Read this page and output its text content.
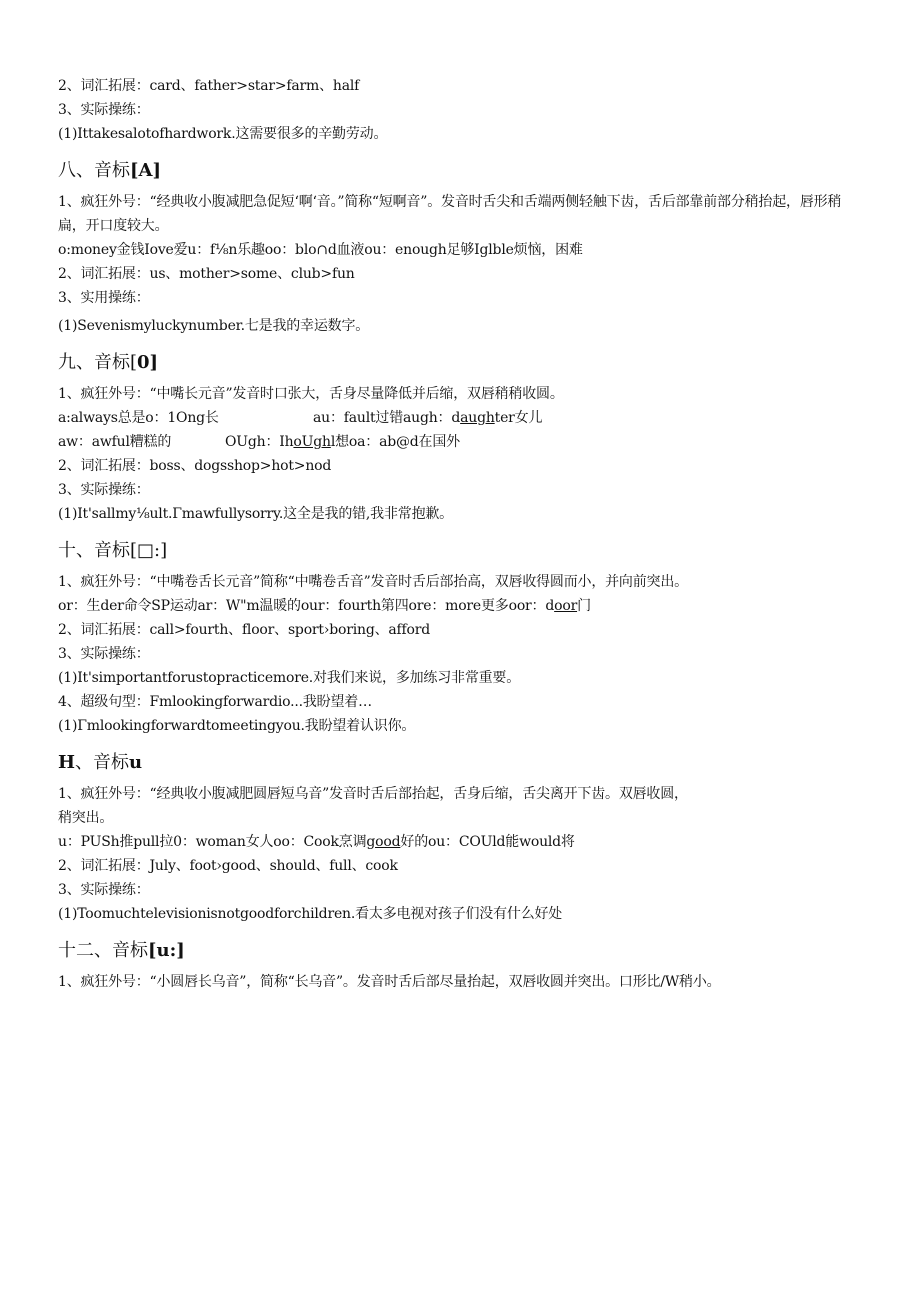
2、词汇拓展：card、father>star>farm、half
3、实际操练：
(1)Ittakesalotofhardwork.这需要很多的辛勤劳动。
八、音标[A]
1、疯狂外号：“经典收小腹减肥急促短‘啊‘音。”简称“短啊音”。发音时舌尖和舌端两侧轻触下齿，舌后部靠前部分稍抬起，唇形稍扁，开口度较大。
o:money金钱Iove爱u：f⅛n乐趣oo：blo∩d血液ou：enough足够Iglble烦恼，困难
2、词汇拓展：us、mother>some、club>fun
3、实用操练：
(1)Sevenismyluckynumber.七是我的幸运数字。
九、音标[0]
1、疯狂外号：“中嘴长元音”发音时口张大，舌身尽量降低并后缩，双唇稍稍收圆。
a:always总是o：1Ong长	au：fault过错augh：daughter女儿
aw：awful糟糕的	OUgh：IhoUghl想oa：ab@d在国外
2、词汇拓展：boss、dogsshop>hot>nod
3、实际操练：
(1)It'sallmy⅛ult.Γmawfullysorry.这全是我的错,我非常抱歉。
十、音标[□:]
1、疯狂外号：“中嘴卷舌长元音”简称“中嘴卷舌音”发音时舌后部抬高，双唇收得圆而小，并向前突出。
or：生der命令SP运动ar：W"m温暖的our：fourth第四ore：more更多oor：door门
2、词汇拓展：call>fourth、floor、sport›boring、afford
3、实际操练：
(1)It'simportantforustopracticemore.对我们来说，多加练习非常重要。
4、超级句型：Fmlookingforwardio...我盼望着…
(1)Γmlookingforwardtomeetingyou.我盼望着认识你。
H、音标u
1、疯狂外号：“经典收小腹减肥圆唇短乌音”发音时舌后部抬起，舌身后缩，舌尖离开下齿。双唇收圆，
稍突出。
u：PUSh推pull拉0：woman女人oo：Cook烹调good好的ou：COUld能would将
2、词汇拓展：July、foot›good、should、full、cook
3、实际操练：
(1)Toomuchtelevisionisnotgoodforchildren.看太多电视对孩子们没有什么好处
十二、音标[u:]
1、疯狂外号：“小圆唇长乌音”，简称“长乌音”。发音时舌后部尽量抬起，双唇收圆并突出。口形比/W稍小。
